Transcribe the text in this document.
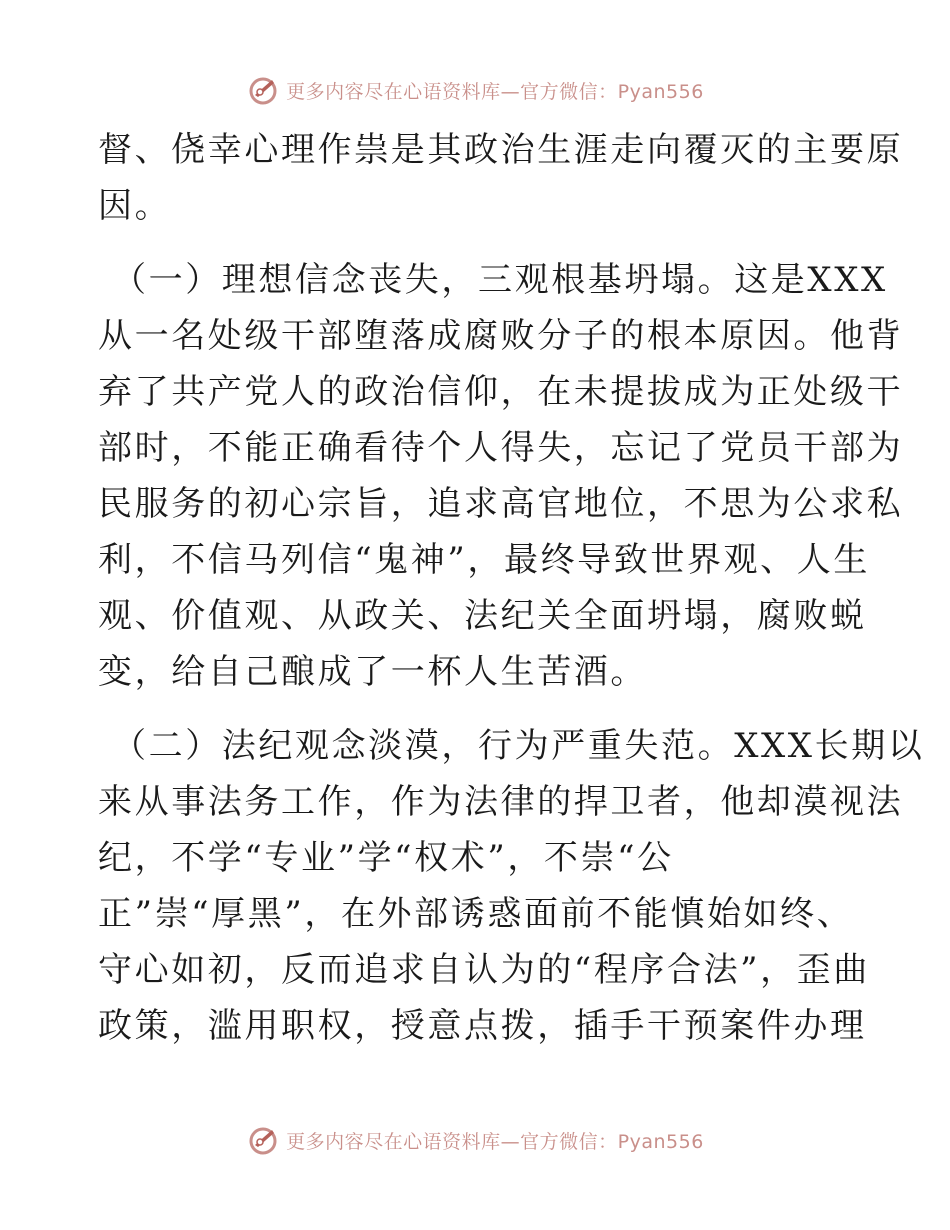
更多内容尽在心语资料库—官方微信：Pyan556
督、侥幸心理作祟是其政治生涯走向覆灭的主要原
因。
（一）理想信念丧失，三观根基坍塌。这是XXX
从一名处级干部堕落成腐败分子的根本原因。他背
弃了共产党人的政治信仰，在未提拔成为正处级干
部时，不能正确看待个人得失，忘记了党员干部为
民服务的初心宗旨，追求高官地位，不思为公求私
利，不信马列信“鬼神”，最终导致世界观、人生
观、价值观、从政关、法纪关全面坍塌，腐败蜕
变，给自己酿成了一杯人生苦酒。
（二）法纪观念淡漠，行为严重失范。XXX长期以
来从事法务工作，作为法律的捍卫者，他却漠视法
纪，不学“专业”学“权术”，不崇“公
正”崇“厚黑”，在外部诱惑面前不能慎始如终、
守心如初，反而追求自认为的“程序合法”，歪曲
政策，滥用职权，授意点拨，插手干预案件办理
更多内容尽在心语资料库—官方微信：Pyan556
